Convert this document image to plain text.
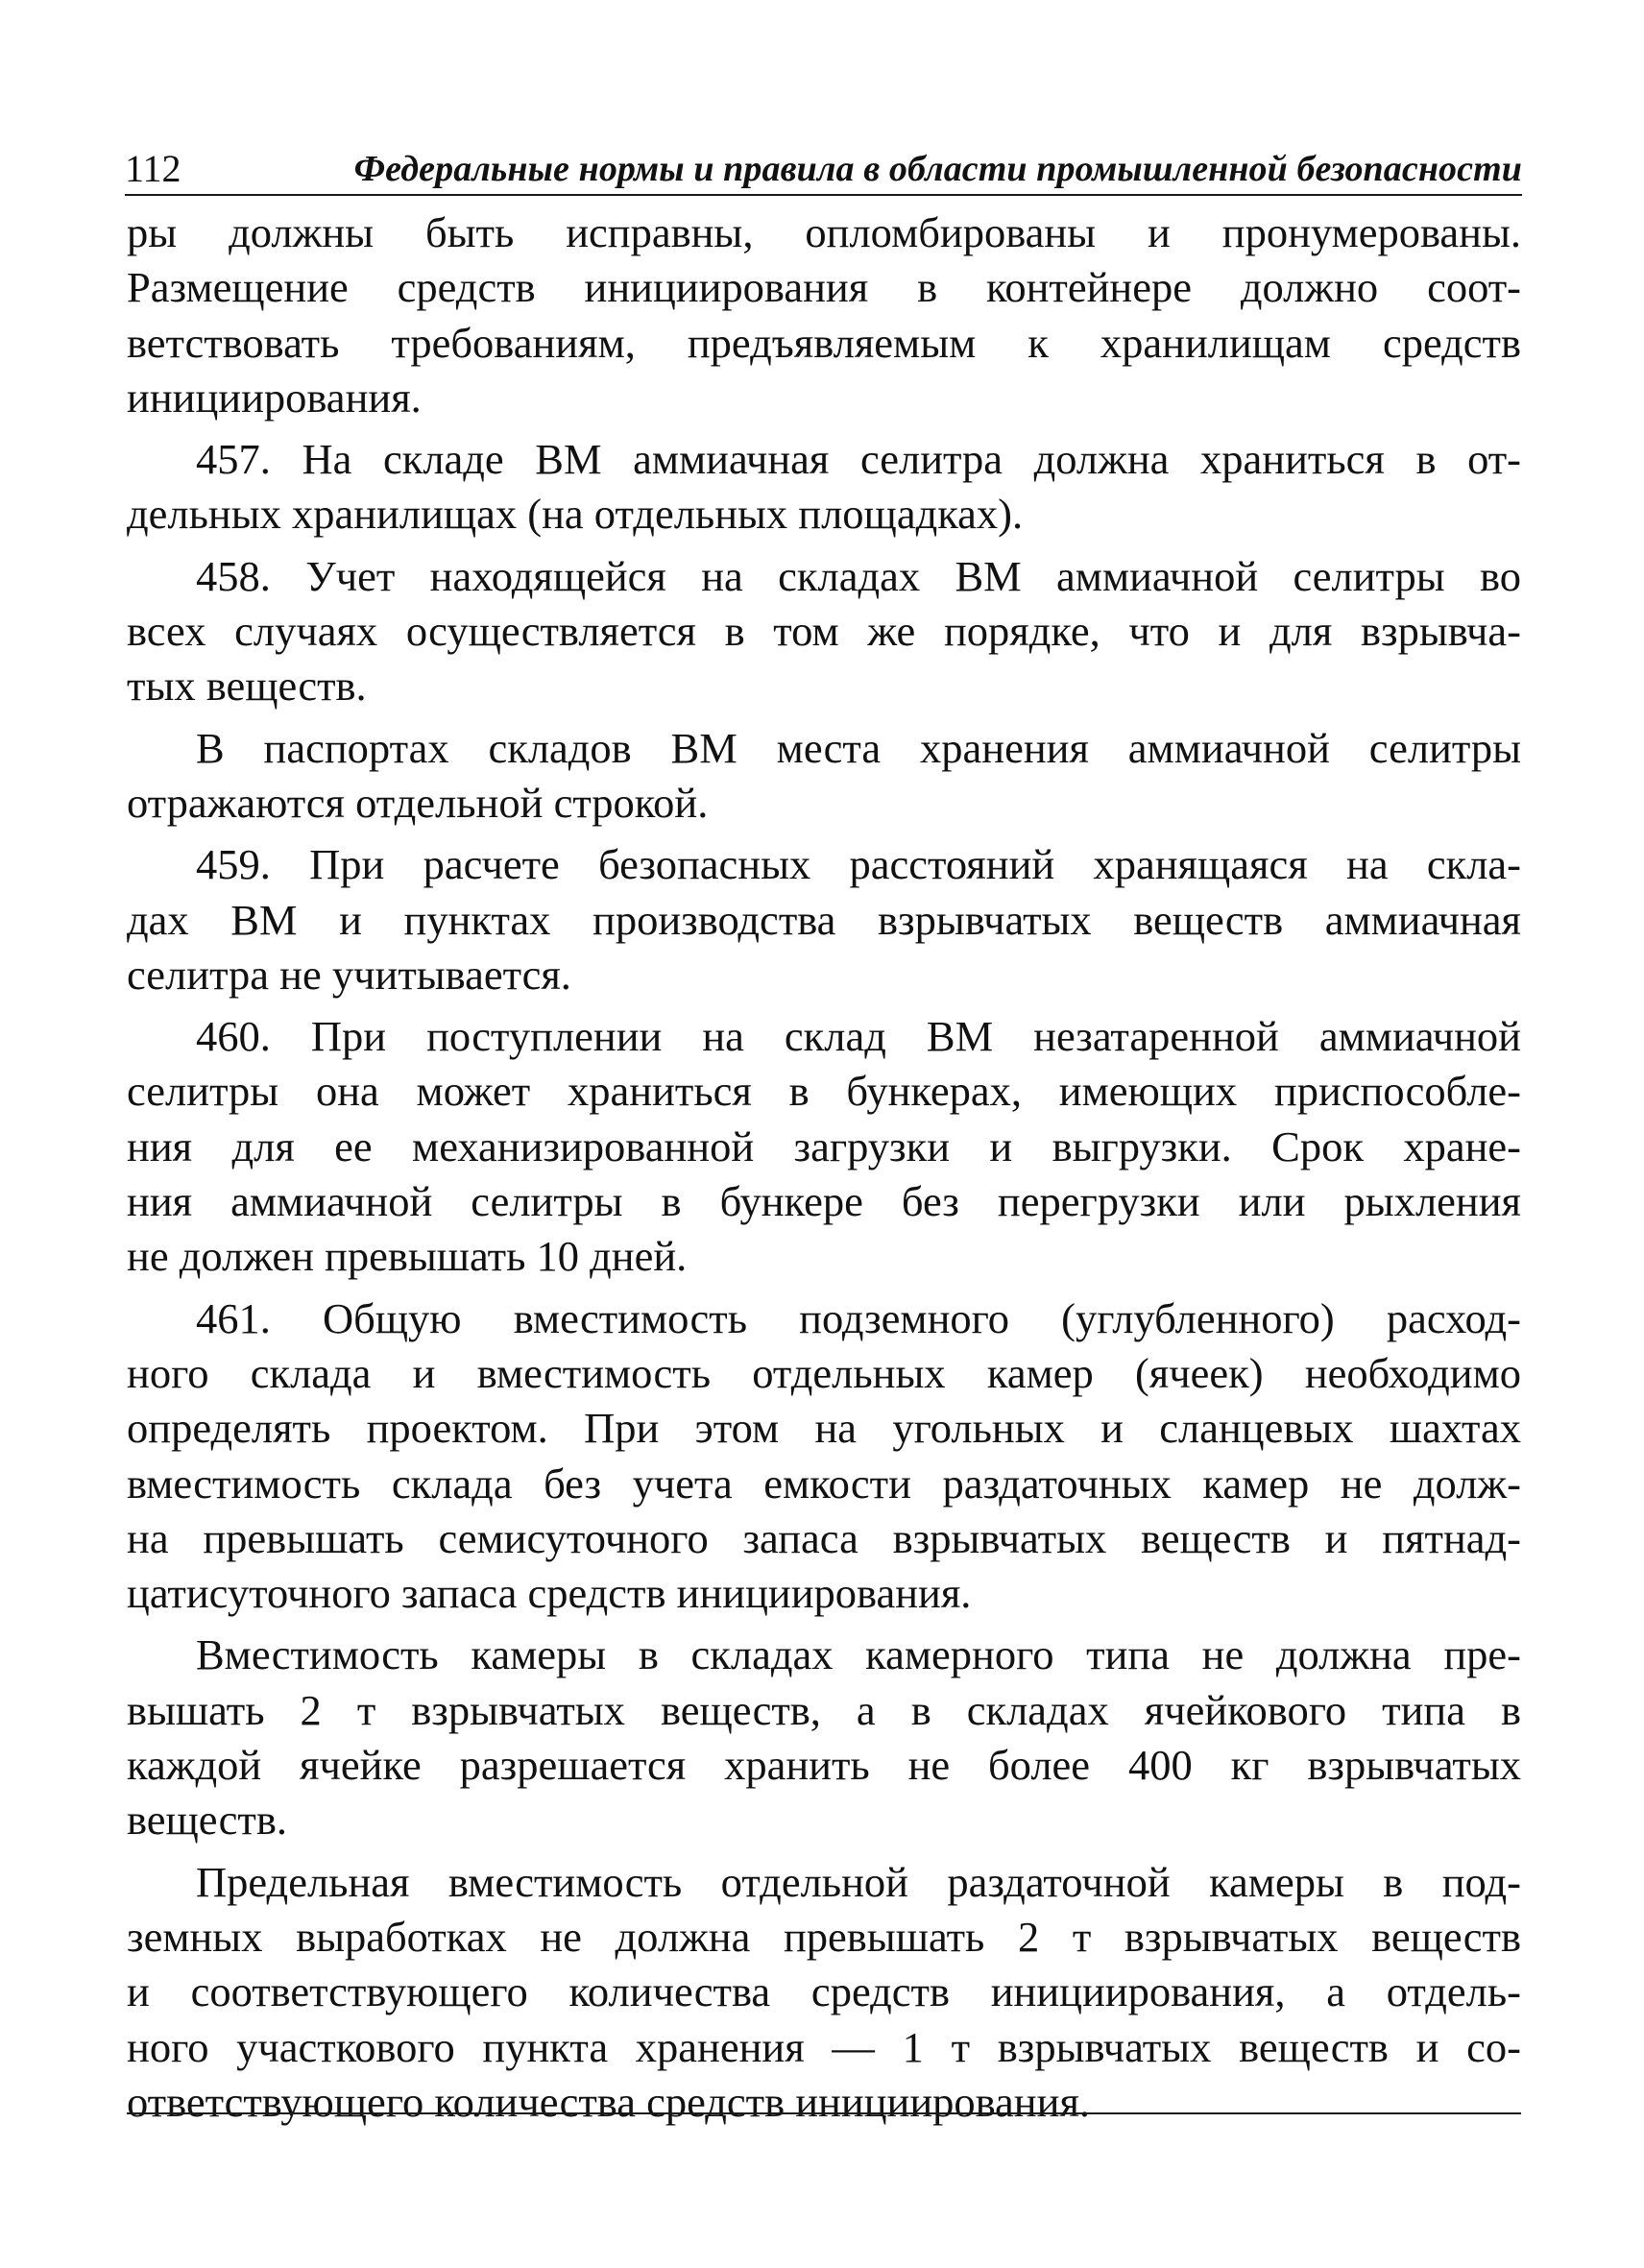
112	Федеральные нормы и правила в области промышленной безопасности
ры должны быть исправны, опломбированы и пронумерованы.
Размещение средств инициирования в контейнере должно соот-
ветствовать требованиям, предъявляемым к хранилищам средств
инициирования.
457. На складе ВМ аммиачная селитра должна храниться в от-
дельных хранилищах (на отдельных площадках).
458. Учет находящейся на складах ВМ аммиачной селитры во
всех случаях осуществляется в том же порядке, что и для взрывча-
тых веществ.
В паспортах складов ВМ места хранения аммиачной селитры
отражаются отдельной строкой.
459. При расчете безопасных расстояний хранящаяся на скла-
дах ВМ и пунктах производства взрывчатых веществ аммиачная
селитра не учитывается.
460. При поступлении на склад ВМ незатаренной аммиачной
селитры она может храниться в бункерах, имеющих приспособле-
ния для ее механизированной загрузки и выгрузки. Срок хране-
ния аммиачной селитры в бункере без перегрузки или рыхления
не должен превышать 10 дней.
461. Общую вместимость подземного (углубленного) расход-
ного склада и вместимость отдельных камер (ячеек) необходимо
определять проектом. При этом на угольных и сланцевых шахтах
вместимость склада без учета емкости раздаточных камер не долж-
на превышать семисуточного запаса взрывчатых веществ и пятнад-
цатисуточного запаса средств инициирования.
Вместимость камеры в складах камерного типа не должна пре-
вышать 2 т взрывчатых веществ, а в складах ячейкового типа в
каждой ячейке разрешается хранить не более 400 кг взрывчатых
веществ.
Предельная вместимость отдельной раздаточной камеры в под-
земных выработках не должна превышать 2 т взрывчатых веществ
и соответствующего количества средств инициирования, а отдель-
ного участкового пункта хранения — 1 т взрывчатых веществ и со-
ответствующего количества средств инициирования.
